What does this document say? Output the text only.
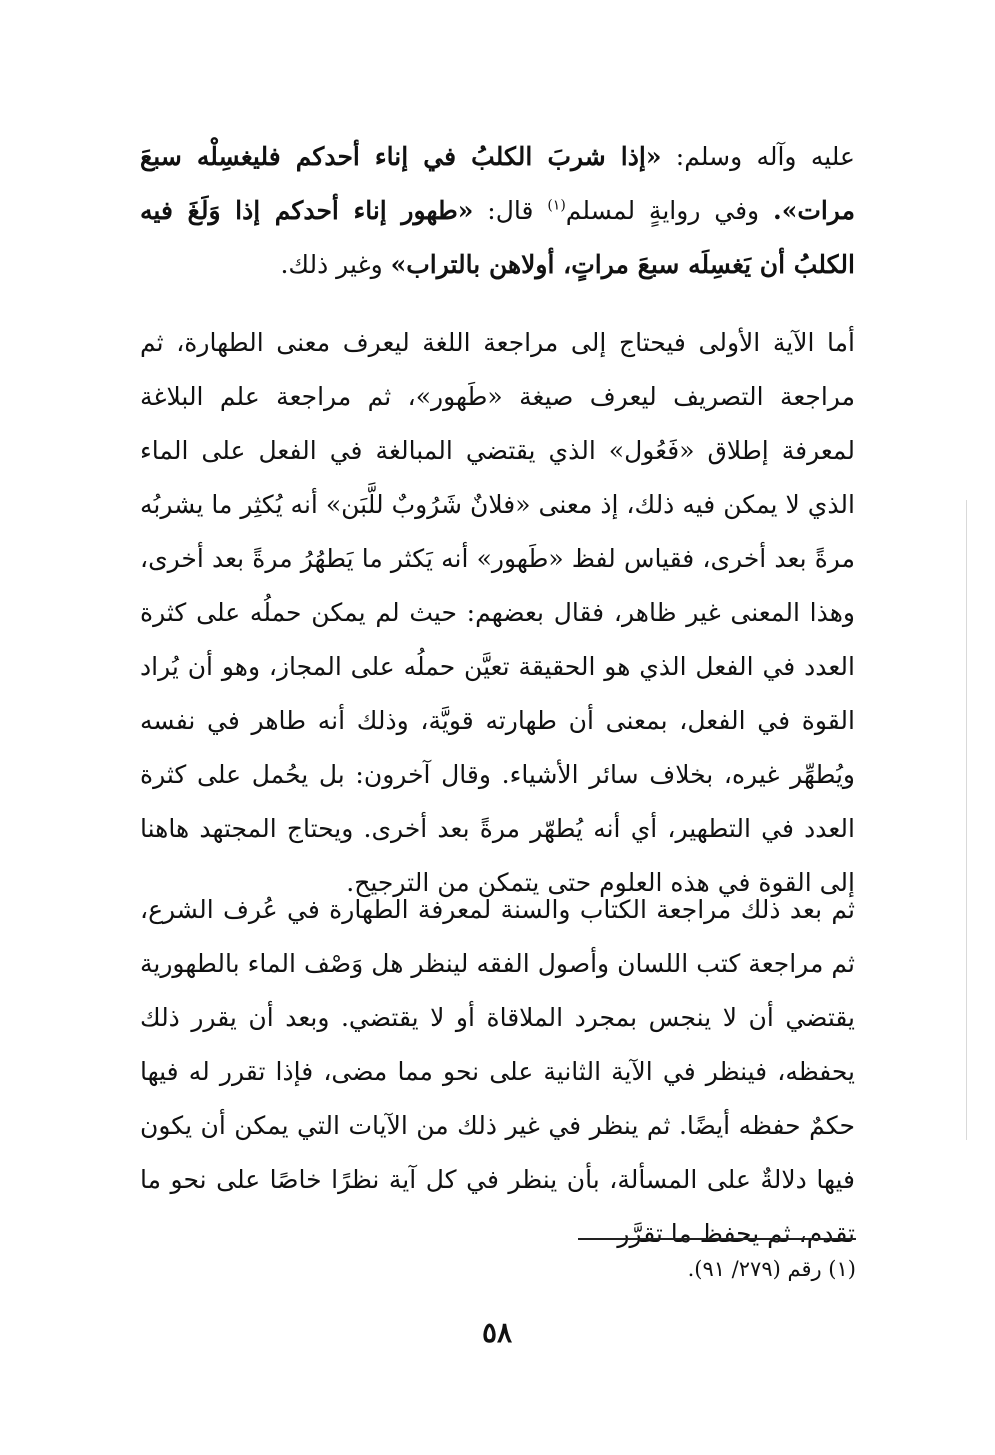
عليه وآله وسلم: «إذا شربَ الكلبُ في إناء أحدكم فليغسِلْه سبعَ مرات». وفي روايةٍ لمسلم$^{(١)}$ قال: «طهور إناء أحدكم إذا وَلَغَ فيه الكلبُ أن يَغسِلَه سبعَ مراتٍ، أولاهن بالتراب» وغير ذلك.

أما الآية الأولى فيحتاج إلى مراجعة اللغة ليعرف معنى الطهارة، ثم مراجعة التصريف ليعرف صيغة «طَهور»، ثم مراجعة علم البلاغة لمعرفة إطلاق «فَعُول» الذي يقتضي المبالغة في الفعل على الماء الذي لا يمكن فيه ذلك، إذ معنى «فلانٌ شَرُوبٌ للَّبَن» أنه يُكثِر ما يشربُه مرةً بعد أخرى، فقياس لفظ «طَهور» أنه يَكثر ما يَطهُرُ مرةً بعد أخرى، وهذا المعنى غير ظاهر، فقال بعضهم: حيث لم يمكن حملُه على كثرة العدد في الفعل الذي هو الحقيقة تعيَّن حملُه على المجاز، وهو أن يُراد القوة في الفعل، بمعنى أن طهارته قويَّة، وذلك أنه طاهر في نفسه ويُطهِّر غيره، بخلاف سائر الأشياء. وقال آخرون: بل يحُمل على كثرة العدد في التطهير، أي أنه يُطهّر مرةً بعد أخرى. ويحتاج المجتهد هاهنا إلى القوة في هذه العلوم حتى يتمكن من الترجيح.

ثم بعد ذلك مراجعة الكتاب والسنة لمعرفة الطهارة في عُرف الشرع، ثم مراجعة كتب اللسان وأصول الفقه لينظر هل وَصْف الماء بالطهورية يقتضي أن لا ينجس بمجرد الملاقاة أو لا يقتضي. وبعد أن يقرر ذلك يحفظه، فينظر في الآية الثانية على نحو مما مضى، فإذا تقرر له فيها حكمٌ حفظه أيضًا. ثم ينظر في غير ذلك من الآيات التي يمكن أن يكون فيها دلالةٌ على المسألة، بأن ينظر في كل آية نظرًا خاصًا على نحو ما تقدم، ثم يحفظ ما تقرَّر

(١) رقم (٢٧٩/ ٩١).
٥٨
